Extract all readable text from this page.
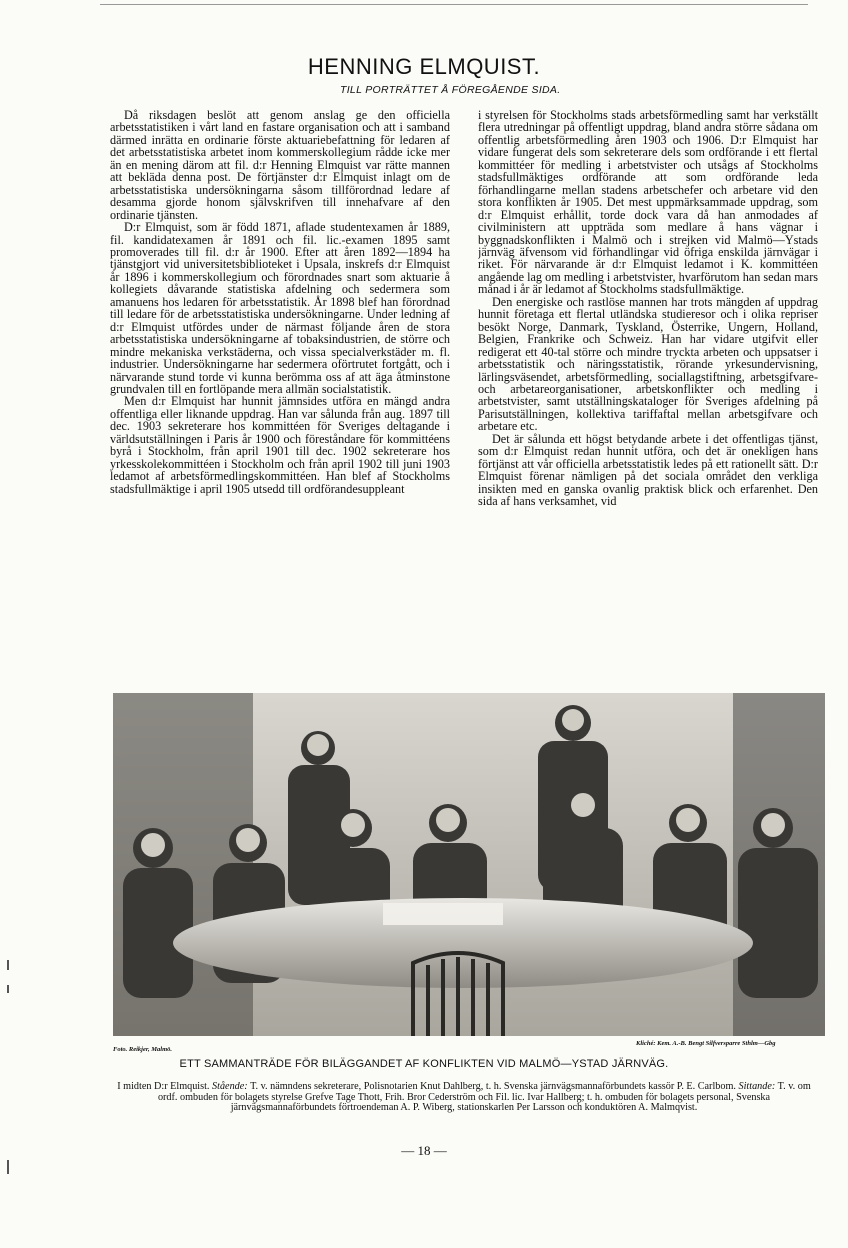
HENNING ELMQUIST.
TILL PORTRÄTTET Å FÖREGÅENDE SIDA.

Då riksdagen beslöt att genom anslag ge den officiella arbetsstatistiken i vårt land en fastare organisation och att i samband därmed inrätta en ordinarie förste aktuariebefattning för ledaren af det arbetsstatistiska arbetet inom kommerskollegium rådde icke mer än en mening därom att fil. d:r Henning Elmquist var rätte mannen att bekläda denna post. De förtjänster d:r Elmquist inlagt om de arbetsstatistiska undersökningarna såsom tillförordnad ledare af desamma gjorde honom självskrifven till innehafvare af den ordinarie tjänsten.

D:r Elmquist, som är född 1871, aflade studentexamen år 1889, fil. kandidatexamen år 1891 och fil. lic.-examen 1895 samt promoverades till fil. d:r år 1900. Efter att åren 1892—1894 ha tjänstgjort vid universitetsbiblioteket i Upsala, inskrefs d:r Elmquist år 1896 i kommerskollegium och förordnades snart som aktuarie å kollegiets dåvarande statistiska afdelning och sedermera som amanuens hos ledaren för arbetsstatistik. År 1898 blef han förordnad till ledare för de arbetsstatistiska undersökningarne. Under ledning af d:r Elmquist utfördes under de närmast följande åren de stora arbetsstatistiska undersökningarne af tobaksindustrien, de större och mindre mekaniska verkstäderna, och vissa specialverkstäder m. fl. industrier. Undersökningarne har sedermera oförtrutet fortgått, och i närvarande stund torde vi kunna berömma oss af att äga åtminstone grundvalen till en fortlöpande mera allmän socialstatistik.

Men d:r Elmquist har hunnit jämnsides utföra en mängd andra offentliga eller liknande uppdrag. Han var sålunda från aug. 1897 till dec. 1903 sekreterare hos kommittéen för Sveriges deltagande i världsutställningen i Paris år 1900 och föreståndare för kommittéens byrå i Stockholm, från april 1901 till dec. 1902 sekreterare hos yrkesskolekommittéen i Stockholm och från april 1902 till juni 1903 ledamot af arbetsförmedlingskommittéen. Han blef af Stockholms stadsfullmäktige i april 1905 utsedd till ordförandesuppleant

i styrelsen för Stockholms stads arbetsförmedling samt har verkställt flera utredningar på offentligt uppdrag, bland andra större sådana om offentlig arbetsförmedling åren 1903 och 1906. D:r Elmquist har vidare fungerat dels som sekreterare dels som ordförande i ett flertal kommittéer för medling i arbetstvister och utsågs af Stockholms stadsfullmäktiges ordförande att som ordförande leda förhandlingarne mellan stadens arbetschefer och arbetare vid den stora konflikten år 1905. Det mest uppmärksammade uppdrag, som d:r Elmquist erhållit, torde dock vara då han anmodades af civilministern att uppträda som medlare å hans vägnar i byggnadskonflikten i Malmö och i strejken vid Malmö—Ystads järnväg äfvensom vid förhandlingar vid öfriga enskilda järnvägar i riket. För närvarande är d:r Elmquist ledamot i K. kommittéen angående lag om medling i arbetstvister, hvarförutom han sedan mars månad i år är ledamot af Stockholms stadsfullmäktige.

Den energiske och rastlöse mannen har trots mängden af uppdrag hunnit företaga ett flertal utländska studieresor och i olika repriser besökt Norge, Danmark, Tyskland, Österrike, Ungern, Holland, Belgien, Frankrike och Schweiz. Han har vidare utgifvit eller redigerat ett 40-tal större och mindre tryckta arbeten och uppsatser i arbetsstatistik och näringsstatistik, rörande yrkesundervisning, lärlingsväsendet, arbetsförmedling, sociallagstiftning, arbetsgifvare- och arbetareorganisationer, arbetskonflikter och medling i arbetstvister, samt utställningskataloger för Sveriges afdelning på Parisutställningen, kollektiva tariffaftal mellan arbetsgifvare och arbetare etc.

Det är sålunda ett högst betydande arbete i det offentligas tjänst, som d:r Elmquist redan hunnit utföra, och det är onekligen hans förtjänst att vår officiella arbetsstatistik ledes på ett rationellt sätt. D:r Elmquist förenar nämligen på det sociala området den verkliga insikten med en ganska ovanlig praktisk blick och erfarenhet. Den sida af hans verksamhet, vid

Foto. Reikjer, Malmö.
Kliché: Kem. A.-B. Bengt Silfversparre Sthlm—Gbg
ETT SAMMANTRÄDE FÖR BILÄGGANDET AF KONFLIKTEN VID MALMÖ—YSTAD JÄRNVÄG.
I midten D:r Elmquist. Stående: T. v. nämndens sekreterare, Polisnotarien Knut Dahlberg, t. h. Svenska järnvägsmannaförbundets kassör P. E. Carlbom. Sittande: T. v. om ordf. ombuden för bolagets styrelse Grefve Tage Thott, Frih. Bror Cederström och Fil. lic. Ivar Hallberg; t. h. ombuden för bolagets personal, Svenska järnvägsmannaförbundets förtroendeman A. P. Wiberg, stationskarlen Per Larsson och konduktören A. Malmqvist.
— 18 —
